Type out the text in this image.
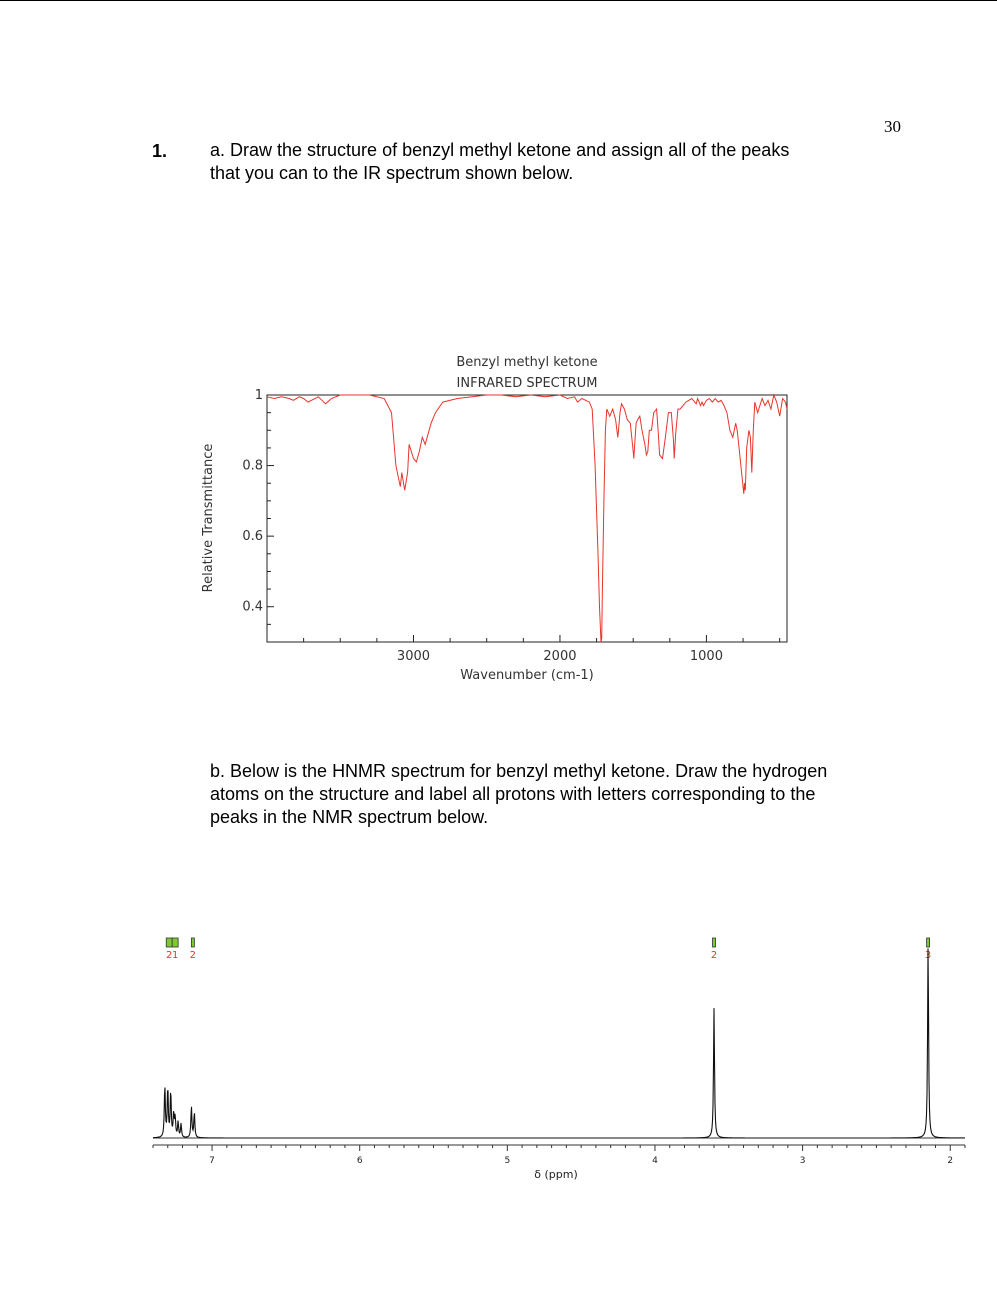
30
1. a. Draw the structure of benzyl methyl ketone and assign all of the peaks
that you can to the IR spectrum shown below.
Benzyl methyl ketone
INFRARED SPECTRUM
3000	2000	1000
1
0.8
0.6
0.4
Wavenumber (cm-1)
Relative Transmittance
b. Below is the HNMR spectrum for benzyl methyl ketone. Draw the hydrogen
atoms on the structure and label all protons with letters corresponding to the
peaks in the NMR spectrum below.
2 1 2	2	3
7	6	5	4	3	2
δ (ppm)
